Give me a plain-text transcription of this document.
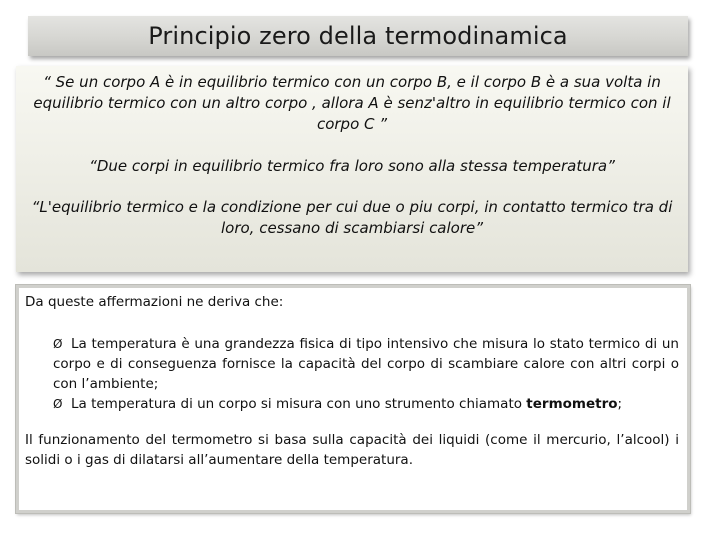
Principio zero della termodinamica

“ Se un corpo A è in equilibrio termico con un corpo B, e il corpo B è a sua volta in equilibrio termico con un altro corpo , allora A è senz'altro in equilibrio termico con il corpo C ”

“Due corpi in equilibrio termico fra loro sono alla stessa temperatura”

“L'equilibrio termico e la condizione per cui due o piu corpi, in contatto termico tra di loro, cessano di scambiarsi calore”

Da queste affermazioni ne deriva che:

Ø La temperatura è una grandezza fisica di tipo intensivo che misura lo stato termico di un corpo e di conseguenza fornisce la capacità del corpo di scambiare calore con altri corpi o con l’ambiente;
Ø La temperatura di un corpo si misura con uno strumento chiamato termometro;

Il funzionamento del termometro si basa sulla capacità dei liquidi (come il mercurio, l’alcool) i solidi o i gas di dilatarsi all’aumentare della temperatura.
